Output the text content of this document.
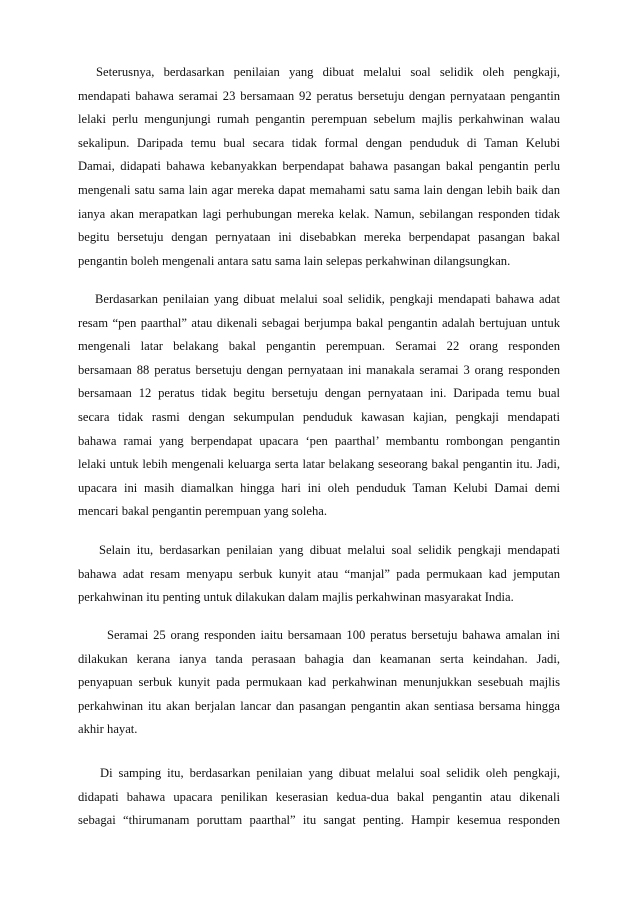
Seterusnya, berdasarkan penilaian yang dibuat melalui soal selidik oleh pengkaji,
mendapati bahawa seramai 23 bersamaan 92 peratus bersetuju dengan pernyataan pengantin
lelaki perlu mengunjungi rumah pengantin perempuan sebelum majlis perkahwinan walau
sekalipun. Daripada temu bual secara tidak formal dengan penduduk di Taman Kelubi
Damai, didapati bahawa kebanyakkan berpendapat bahawa pasangan bakal pengantin perlu
mengenali satu sama lain agar mereka dapat memahami satu sama lain dengan lebih baik dan
ianya akan merapatkan lagi perhubungan mereka kelak. Namun, sebilangan responden tidak
begitu bersetuju dengan pernyataan ini disebabkan mereka berpendapat pasangan bakal
pengantin boleh mengenali antara satu sama lain selepas perkahwinan dilangsungkan.
Berdasarkan penilaian yang dibuat melalui soal selidik, pengkaji mendapati bahawa adat
resam “pen paarthal” atau dikenali sebagai berjumpa bakal pengantin adalah bertujuan untuk
mengenali latar belakang bakal pengantin perempuan. Seramai 22 orang responden
bersamaan 88 peratus bersetuju dengan pernyataan ini manakala seramai 3 orang responden
bersamaan 12 peratus tidak begitu bersetuju dengan pernyataan ini. Daripada temu bual
secara tidak rasmi dengan sekumpulan penduduk kawasan kajian, pengkaji mendapati
bahawa ramai yang berpendapat upacara ‘pen paarthal’ membantu rombongan pengantin
lelaki untuk lebih mengenali keluarga serta latar belakang seseorang bakal pengantin itu. Jadi,
upacara ini masih diamalkan hingga hari ini oleh penduduk Taman Kelubi Damai demi
mencari bakal pengantin perempuan yang soleha.
Selain itu, berdasarkan penilaian yang dibuat melalui soal selidik pengkaji mendapati
bahawa adat resam menyapu serbuk kunyit atau “manjal” pada permukaan kad jemputan
perkahwinan itu penting untuk dilakukan dalam majlis perkahwinan masyarakat India.
Seramai 25 orang responden iaitu bersamaan 100 peratus bersetuju bahawa amalan ini
dilakukan kerana ianya tanda perasaan bahagia dan keamanan serta keindahan. Jadi,
penyapuan serbuk kunyit pada permukaan kad perkahwinan menunjukkan sesebuah majlis
perkahwinan itu akan berjalan lancar dan pasangan pengantin akan sentiasa bersama hingga
akhir hayat.
Di samping itu, berdasarkan penilaian yang dibuat melalui soal selidik oleh pengkaji,
didapati bahawa upacara penilikan keserasian kedua-dua bakal pengantin atau dikenali
sebagai “thirumanam poruttam paarthal” itu sangat penting. Hampir kesemua responden
